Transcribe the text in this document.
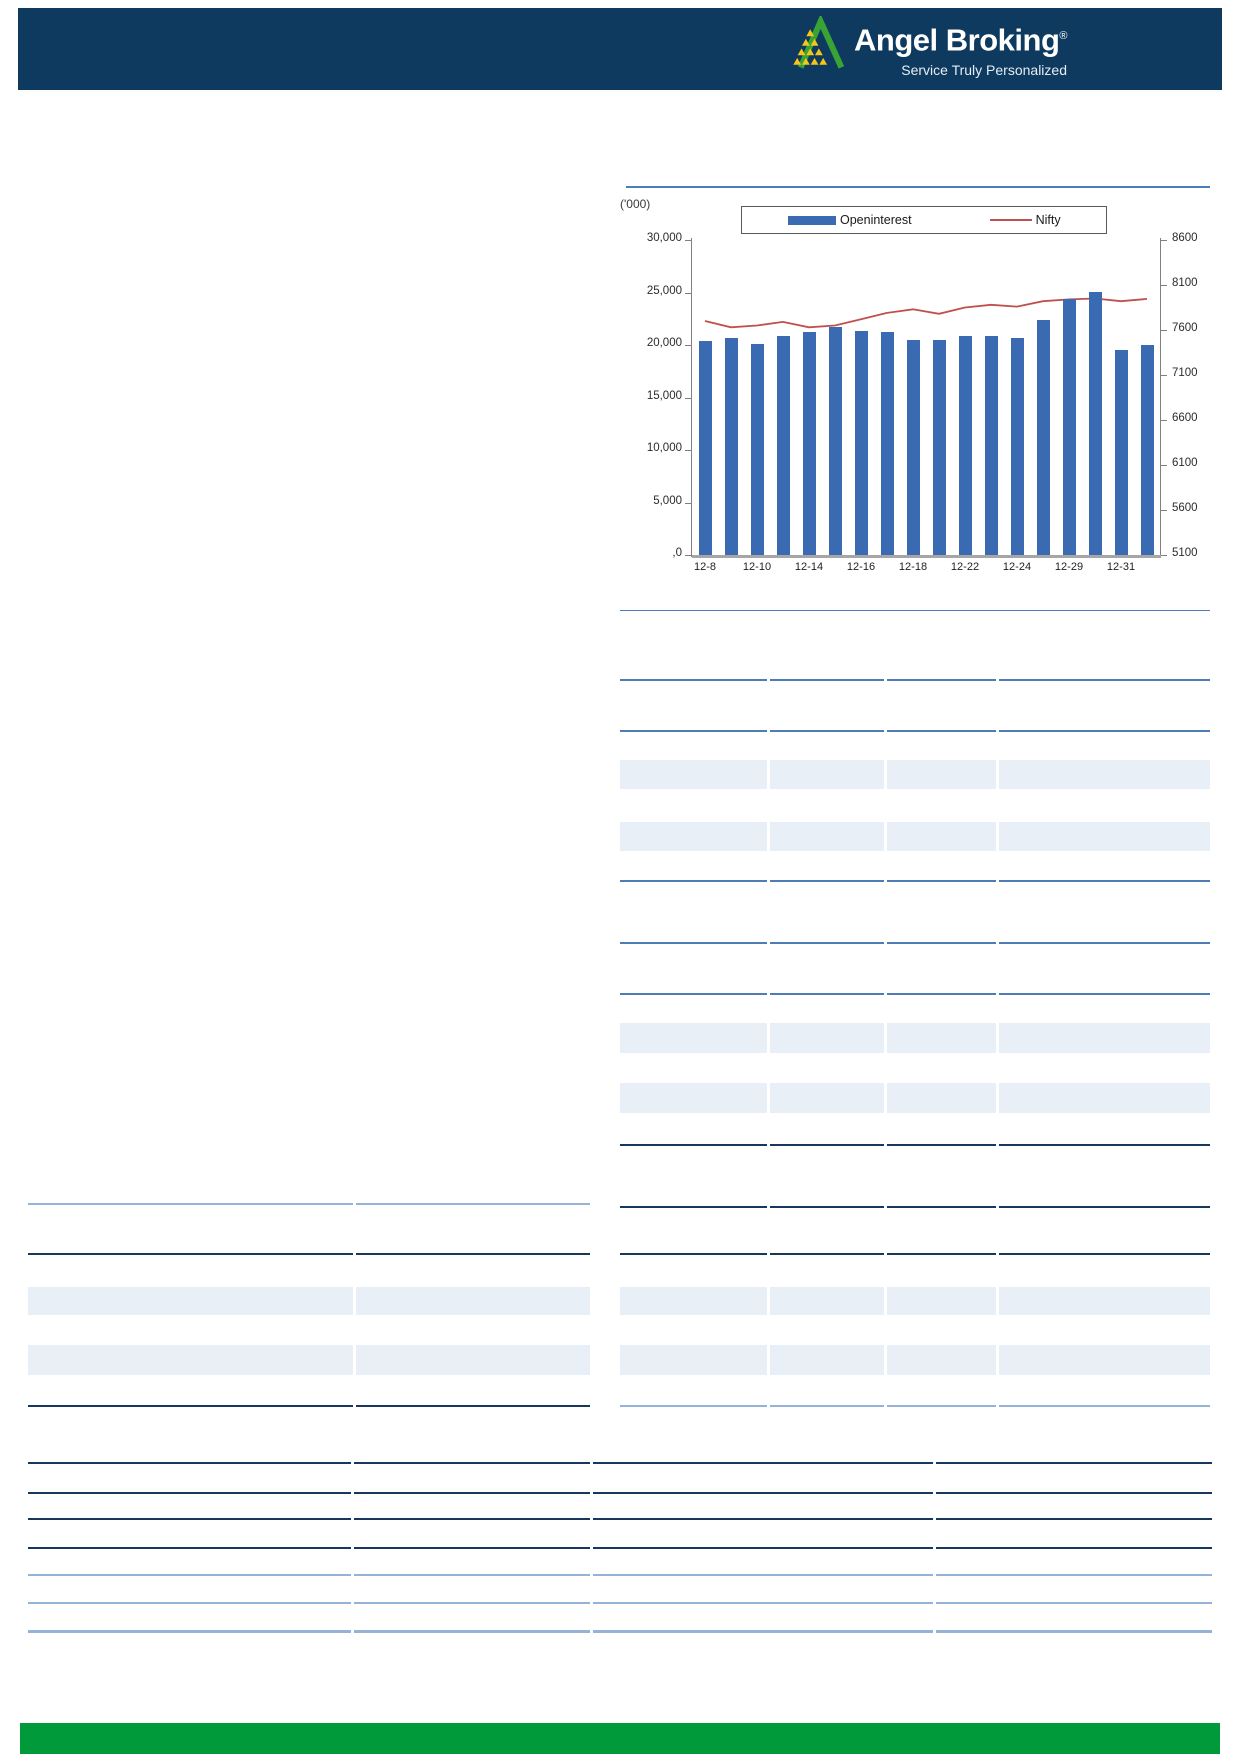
Angel Broking®
Service Truly Personalized
('000)
Openinterest	Nifty
30,000
25,000
20,000
15,000
10,000
5,000
,0
8600
8100
7600
7100
6600
6100
5600
5100
12-8	12-10	12-14	12-16	12-18	12-22	12-24	12-29	12-31
